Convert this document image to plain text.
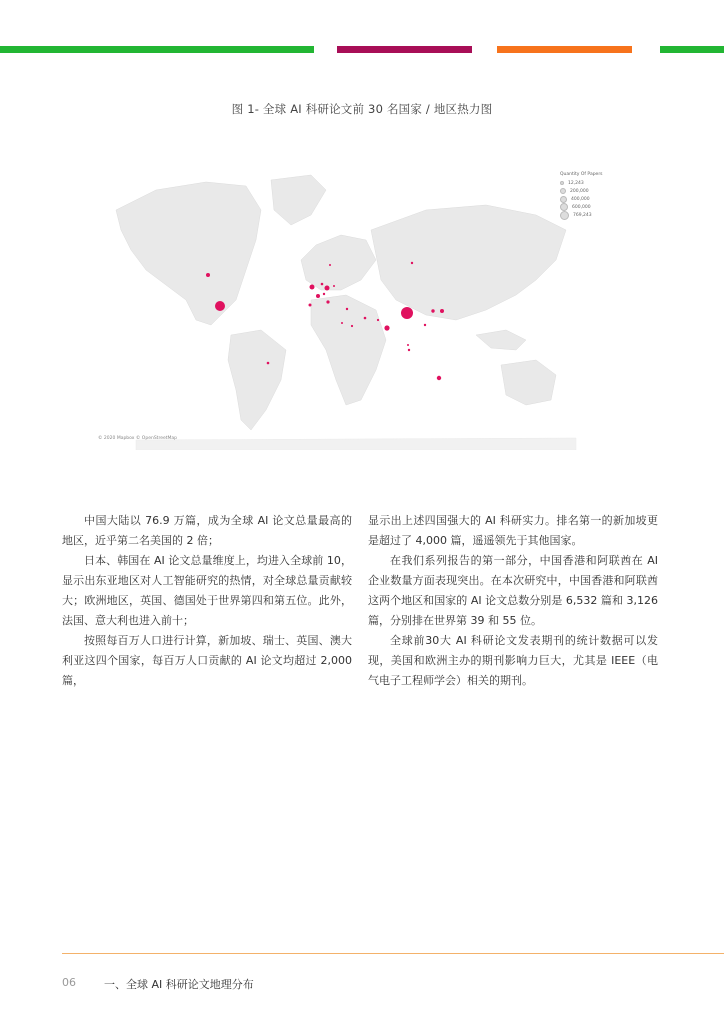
图 1- 全球 AI 科研论文前 30 名国家 / 地区热力图
Quantity Of Papers
12,243
200,000
400,000
600,000
769,243
© 2020 Mapbox © OpenStreetMap

中国大陆以 76.9 万篇，成为全球 AI 论文总量最高的地区，近乎第二名美国的 2 倍；

日本、韩国在 AI 论文总量维度上，均进入全球前 10，显示出东亚地区对人工智能研究的热情，对全球总量贡献较大；欧洲地区，英国、德国处于世界第四和第五位。此外，法国、意大利也进入前十；

按照每百万人口进行计算，新加坡、瑞士、英国、澳大利亚这四个国家，每百万人口贡献的 AI 论文均超过 2,000 篇，

显示出上述四国强大的 AI 科研实力。排名第一的新加坡更是超过了 4,000 篇，遥遥领先于其他国家。

在我们系列报告的第一部分，中国香港和阿联酋在 AI 企业数量方面表现突出。在本次研究中，中国香港和阿联酋这两个地区和国家的 AI 论文总数分别是 6,532 篇和 3,126 篇，分别排在世界第 39 和 55 位。

全球前30大 AI 科研论文发表期刊的统计数据可以发现，美国和欧洲主办的期刊影响力巨大，尤其是 IEEE（电气电子工程师学会）相关的期刊。

06	一、全球 AI 科研论文地理分布
